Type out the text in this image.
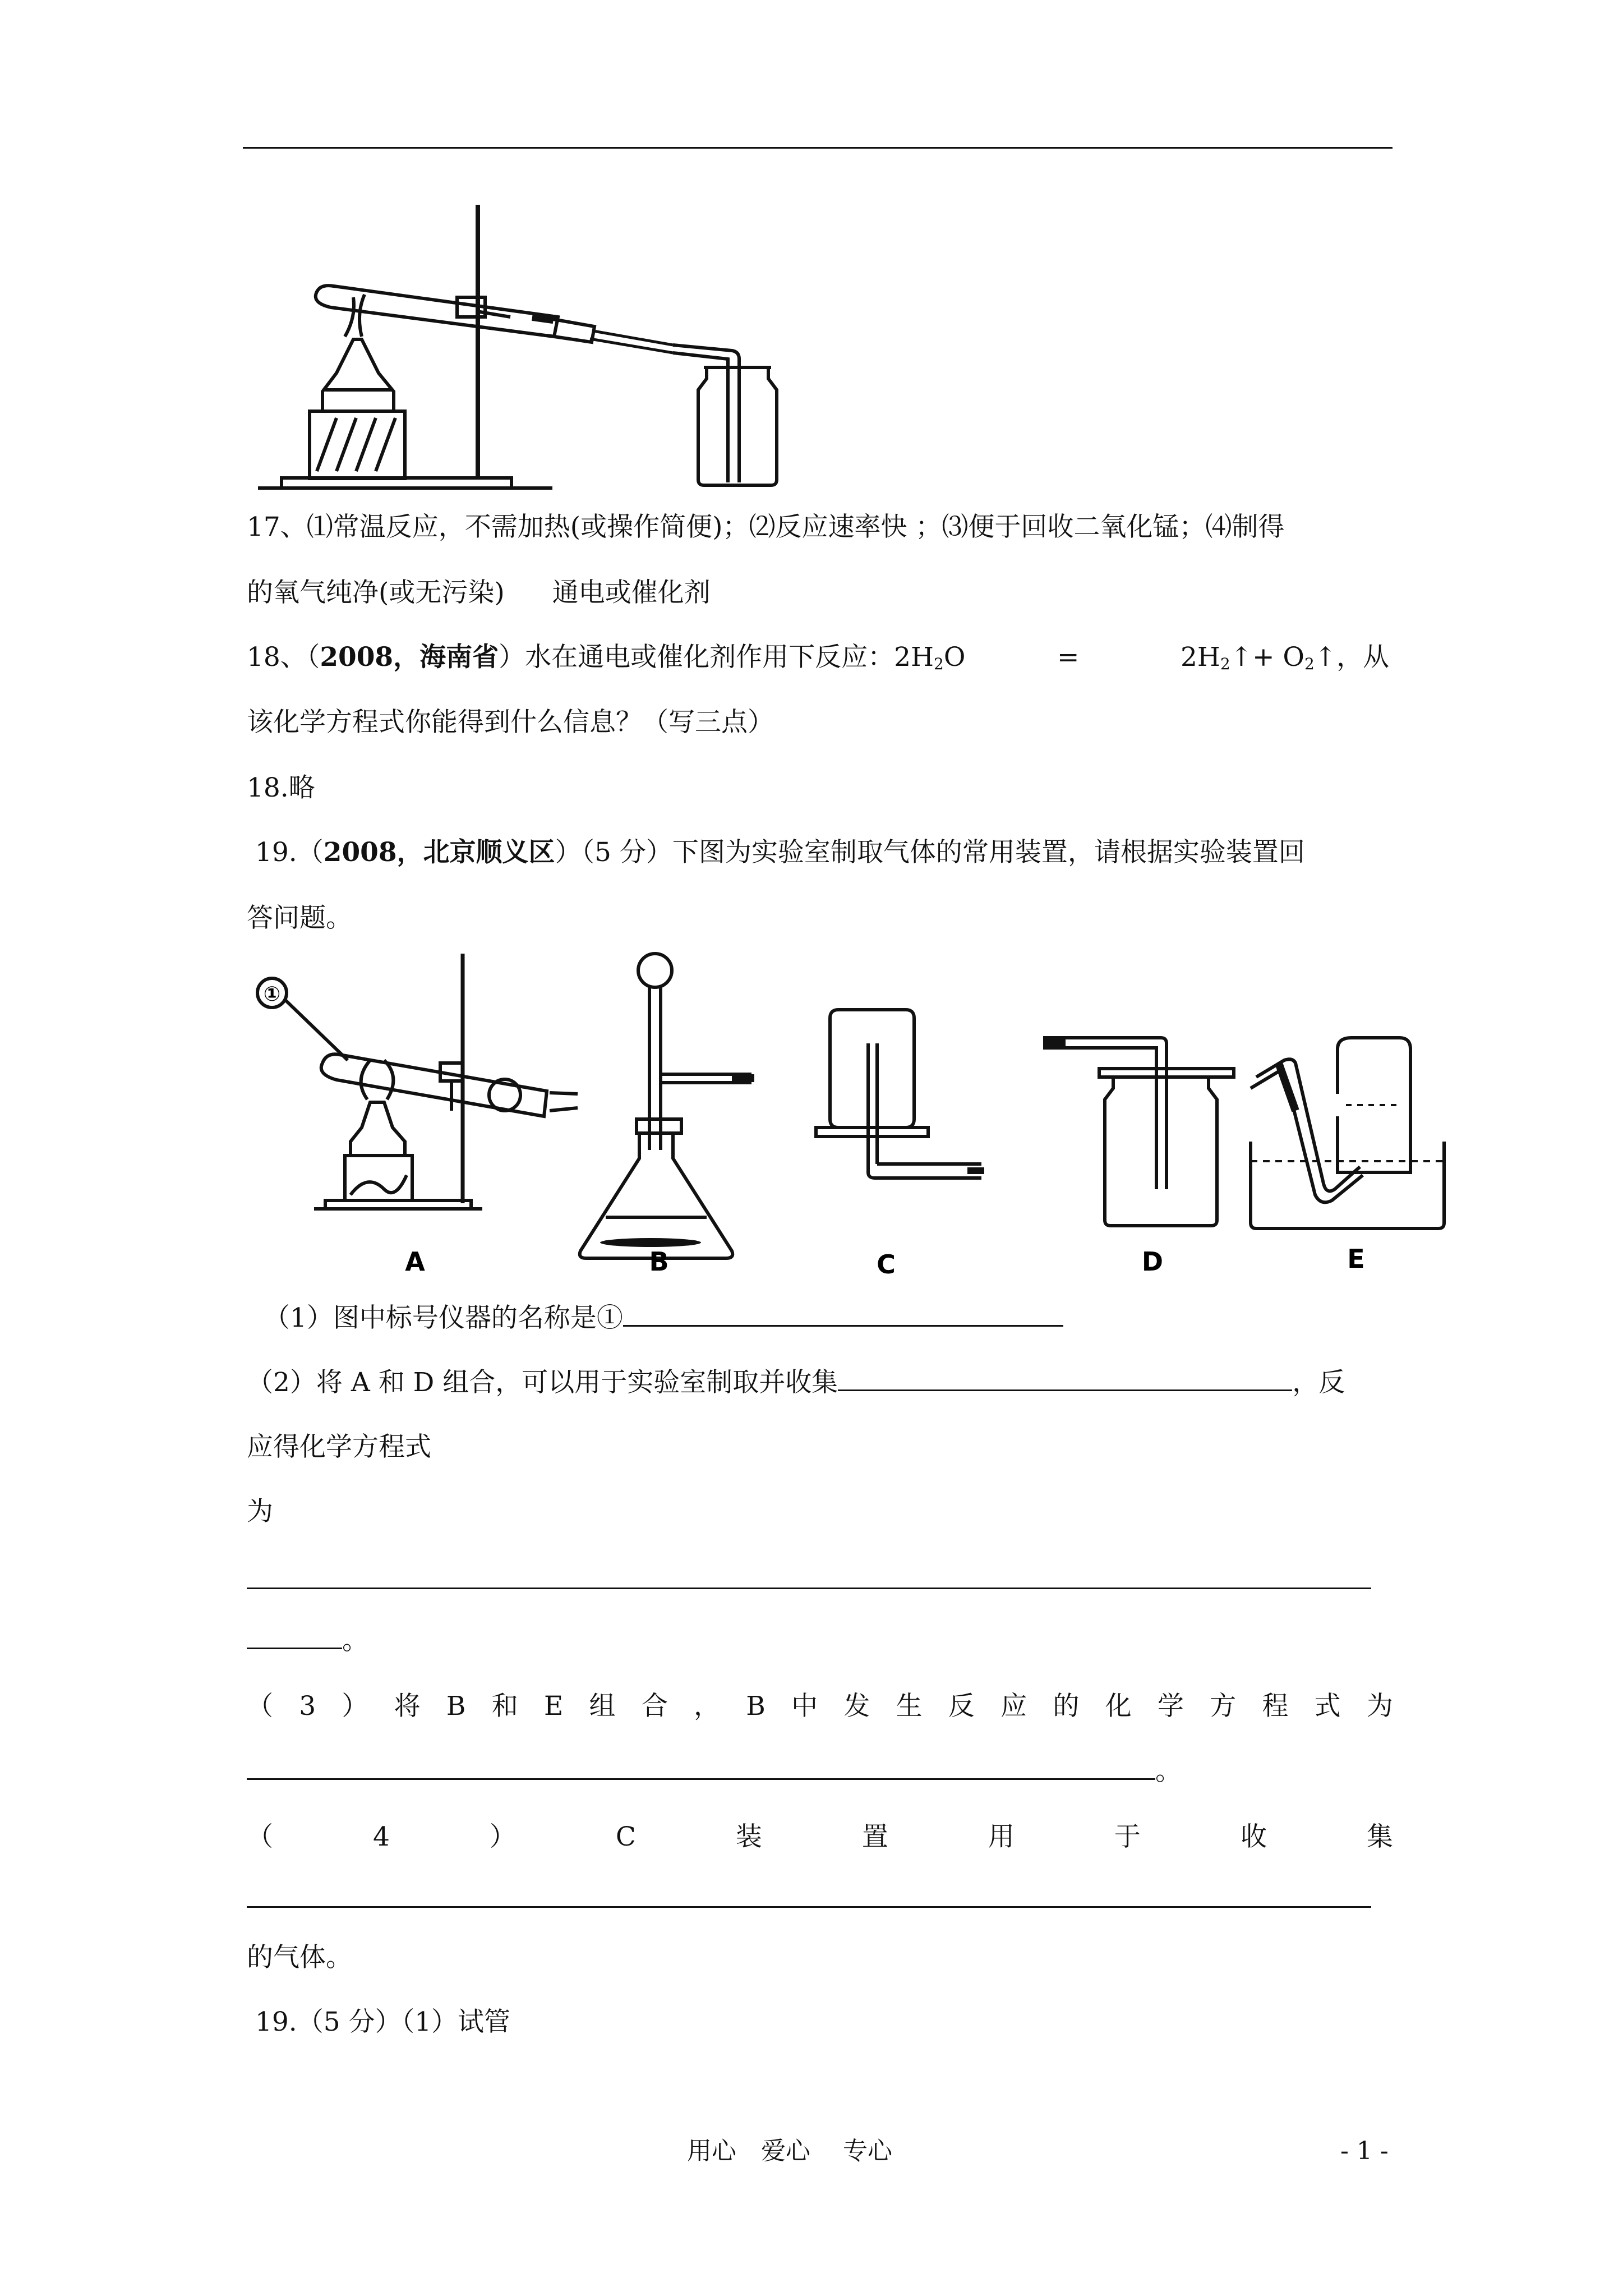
17、⑴常温反应，不需加热(或操作简便)；⑵反应速率快 ；⑶便于回收二氧化锰；⑷制得
的氧气纯净(或无污染) 通电或催化剂
18、（2008，海南省）水在通电或催化剂作用下反应：$2H_2O$	=	$2H_2↑+$ $O_2↑$，从
该化学方程式你能得到什么信息？（写三点）
18.略
19.（2008，北京顺义区）（5 分）下图为实验室制取气体的常用装置，请根据实验装置回
答问题。
①
A	B	C	D	E
（1）图中标号仪器的名称是①
（2）将 A 和 D 组合，可以用于实验室制取并收集	，反
应得化学方程式
为
。
（ 3 ） 将 B 和 E 组 合 ， B 中 发 生 反 应 的 化 学 方 程 式 为
。
（	4	）	C	装	置	用	于	收	集
的气体。
19.（5 分）（1）试管
用心　爱心　 专心	- 1 -
